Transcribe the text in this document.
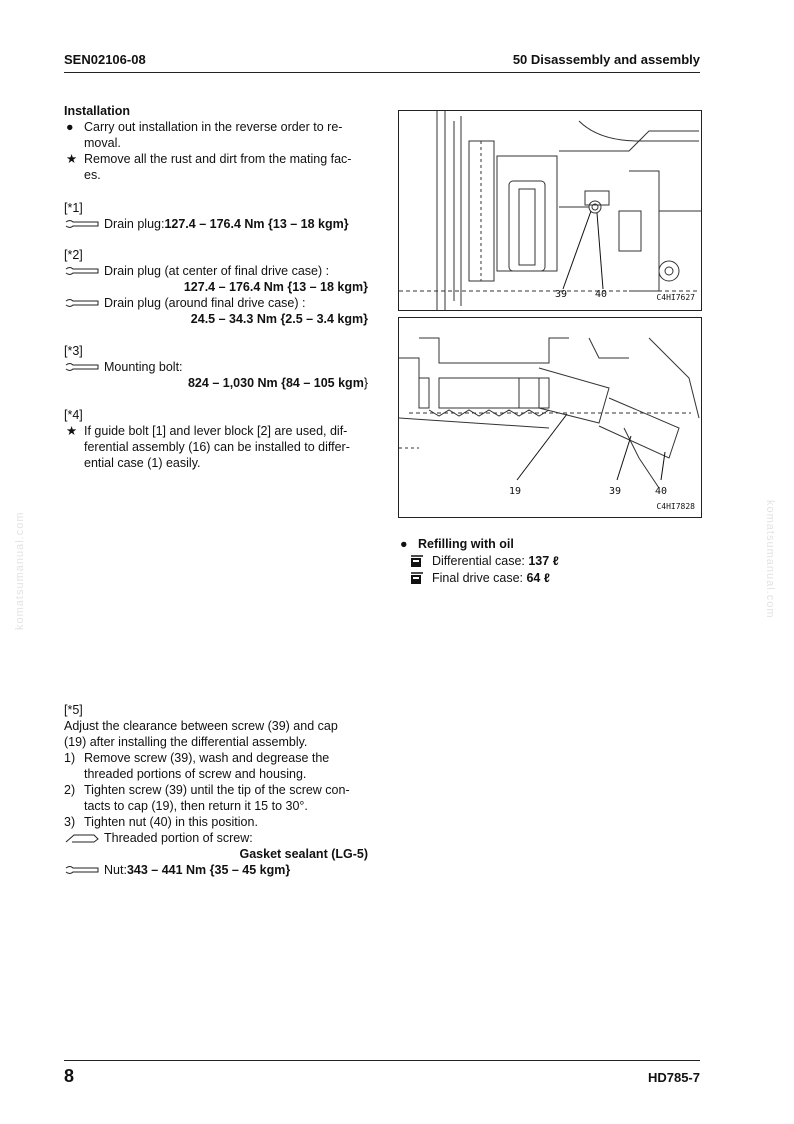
SEN02106-08	50 Disassembly and assembly
komatsumanual.com	komatsumanual.com
Installation
● Carry out installation in the reverse order to re-
moval.
★ Remove all the rust and dirt from the mating fac-
es.
[*1]
Drain plug: 127.4 – 176.4 Nm {13 – 18 kgm}
[*2]
Drain plug (at center of final drive case) :
127.4 – 176.4 Nm {13 – 18 kgm}
Drain plug (around final drive case) :
24.5 – 34.3 Nm {2.5 – 3.4 kgm}
[*3]
Mounting bolt:
824 – 1,030 Nm {84 – 105 kgm}
[*4]
★ If guide bolt [1] and lever block [2] are used, dif-
ferential assembly (16) can be installed to differ-
ential case (1) easily.
[*5]
Adjust the clearance between screw (39) and cap
(19) after installing the differential assembly.
1) Remove screw (39), wash and degrease the
threaded portions of screw and housing.
2) Tighten screw (39) until the tip of the screw con-
tacts to cap (19), then return it 15 to 30°.
3) Tighten nut (40) in this position.
Threaded portion of screw:
Gasket sealant (LG-5)
Nut: 343 – 441 Nm {35 – 45 kgm}
39	40	C4HI7627
19	39	40
C4HI7828
● Refilling with oil
Differential case: 137 ℓ
Final drive case: 64 ℓ
8	HD785-7
